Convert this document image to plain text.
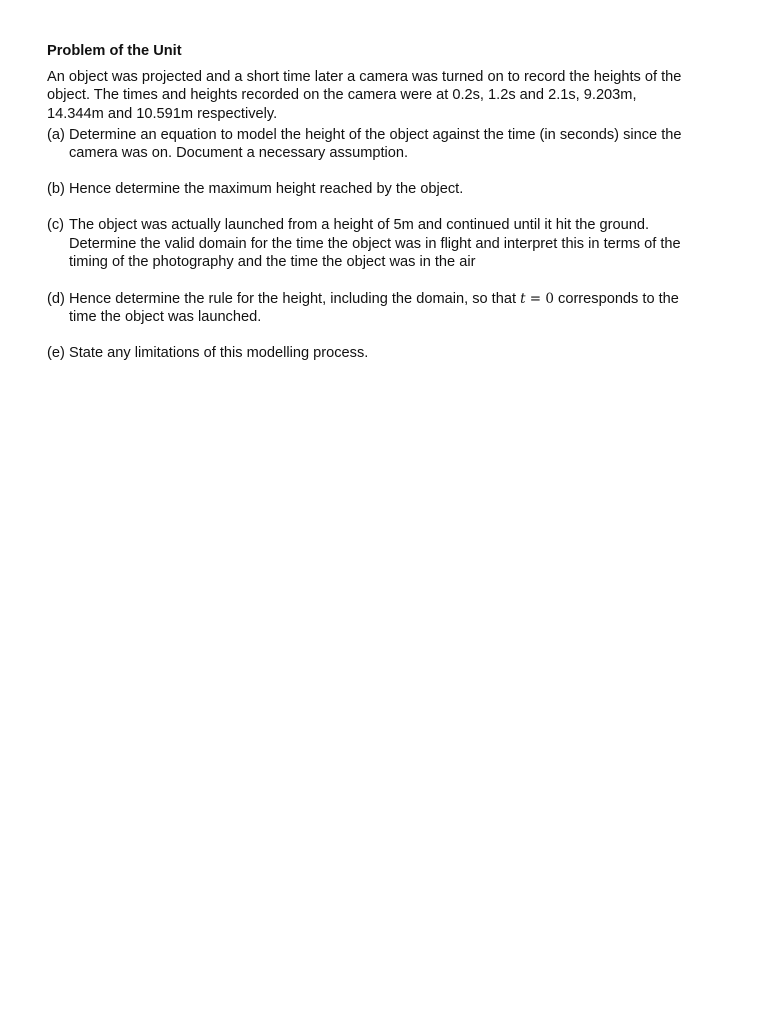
Problem of the Unit
An object was projected and a short time later a camera was turned on to record the heights of the
object. The times and heights recorded on the camera were at 0.2s, 1.2s and 2.1s, 9.203m,
14.344m and 10.591m respectively.
(a) Determine an equation to model the height of the object against the time (in seconds) since the
camera was on. Document a necessary assumption.
(b) Hence determine the maximum height reached by the object.
(c) The object was actually launched from a height of 5m and continued until it hit the ground.
Determine the valid domain for the time the object was in flight and interpret this in terms of the
timing of the photography and the time the object was in the air
(d) Hence determine the rule for the height, including the domain, so that t = 0 corresponds to the
time the object was launched.
(e) State any limitations of this modelling process.
